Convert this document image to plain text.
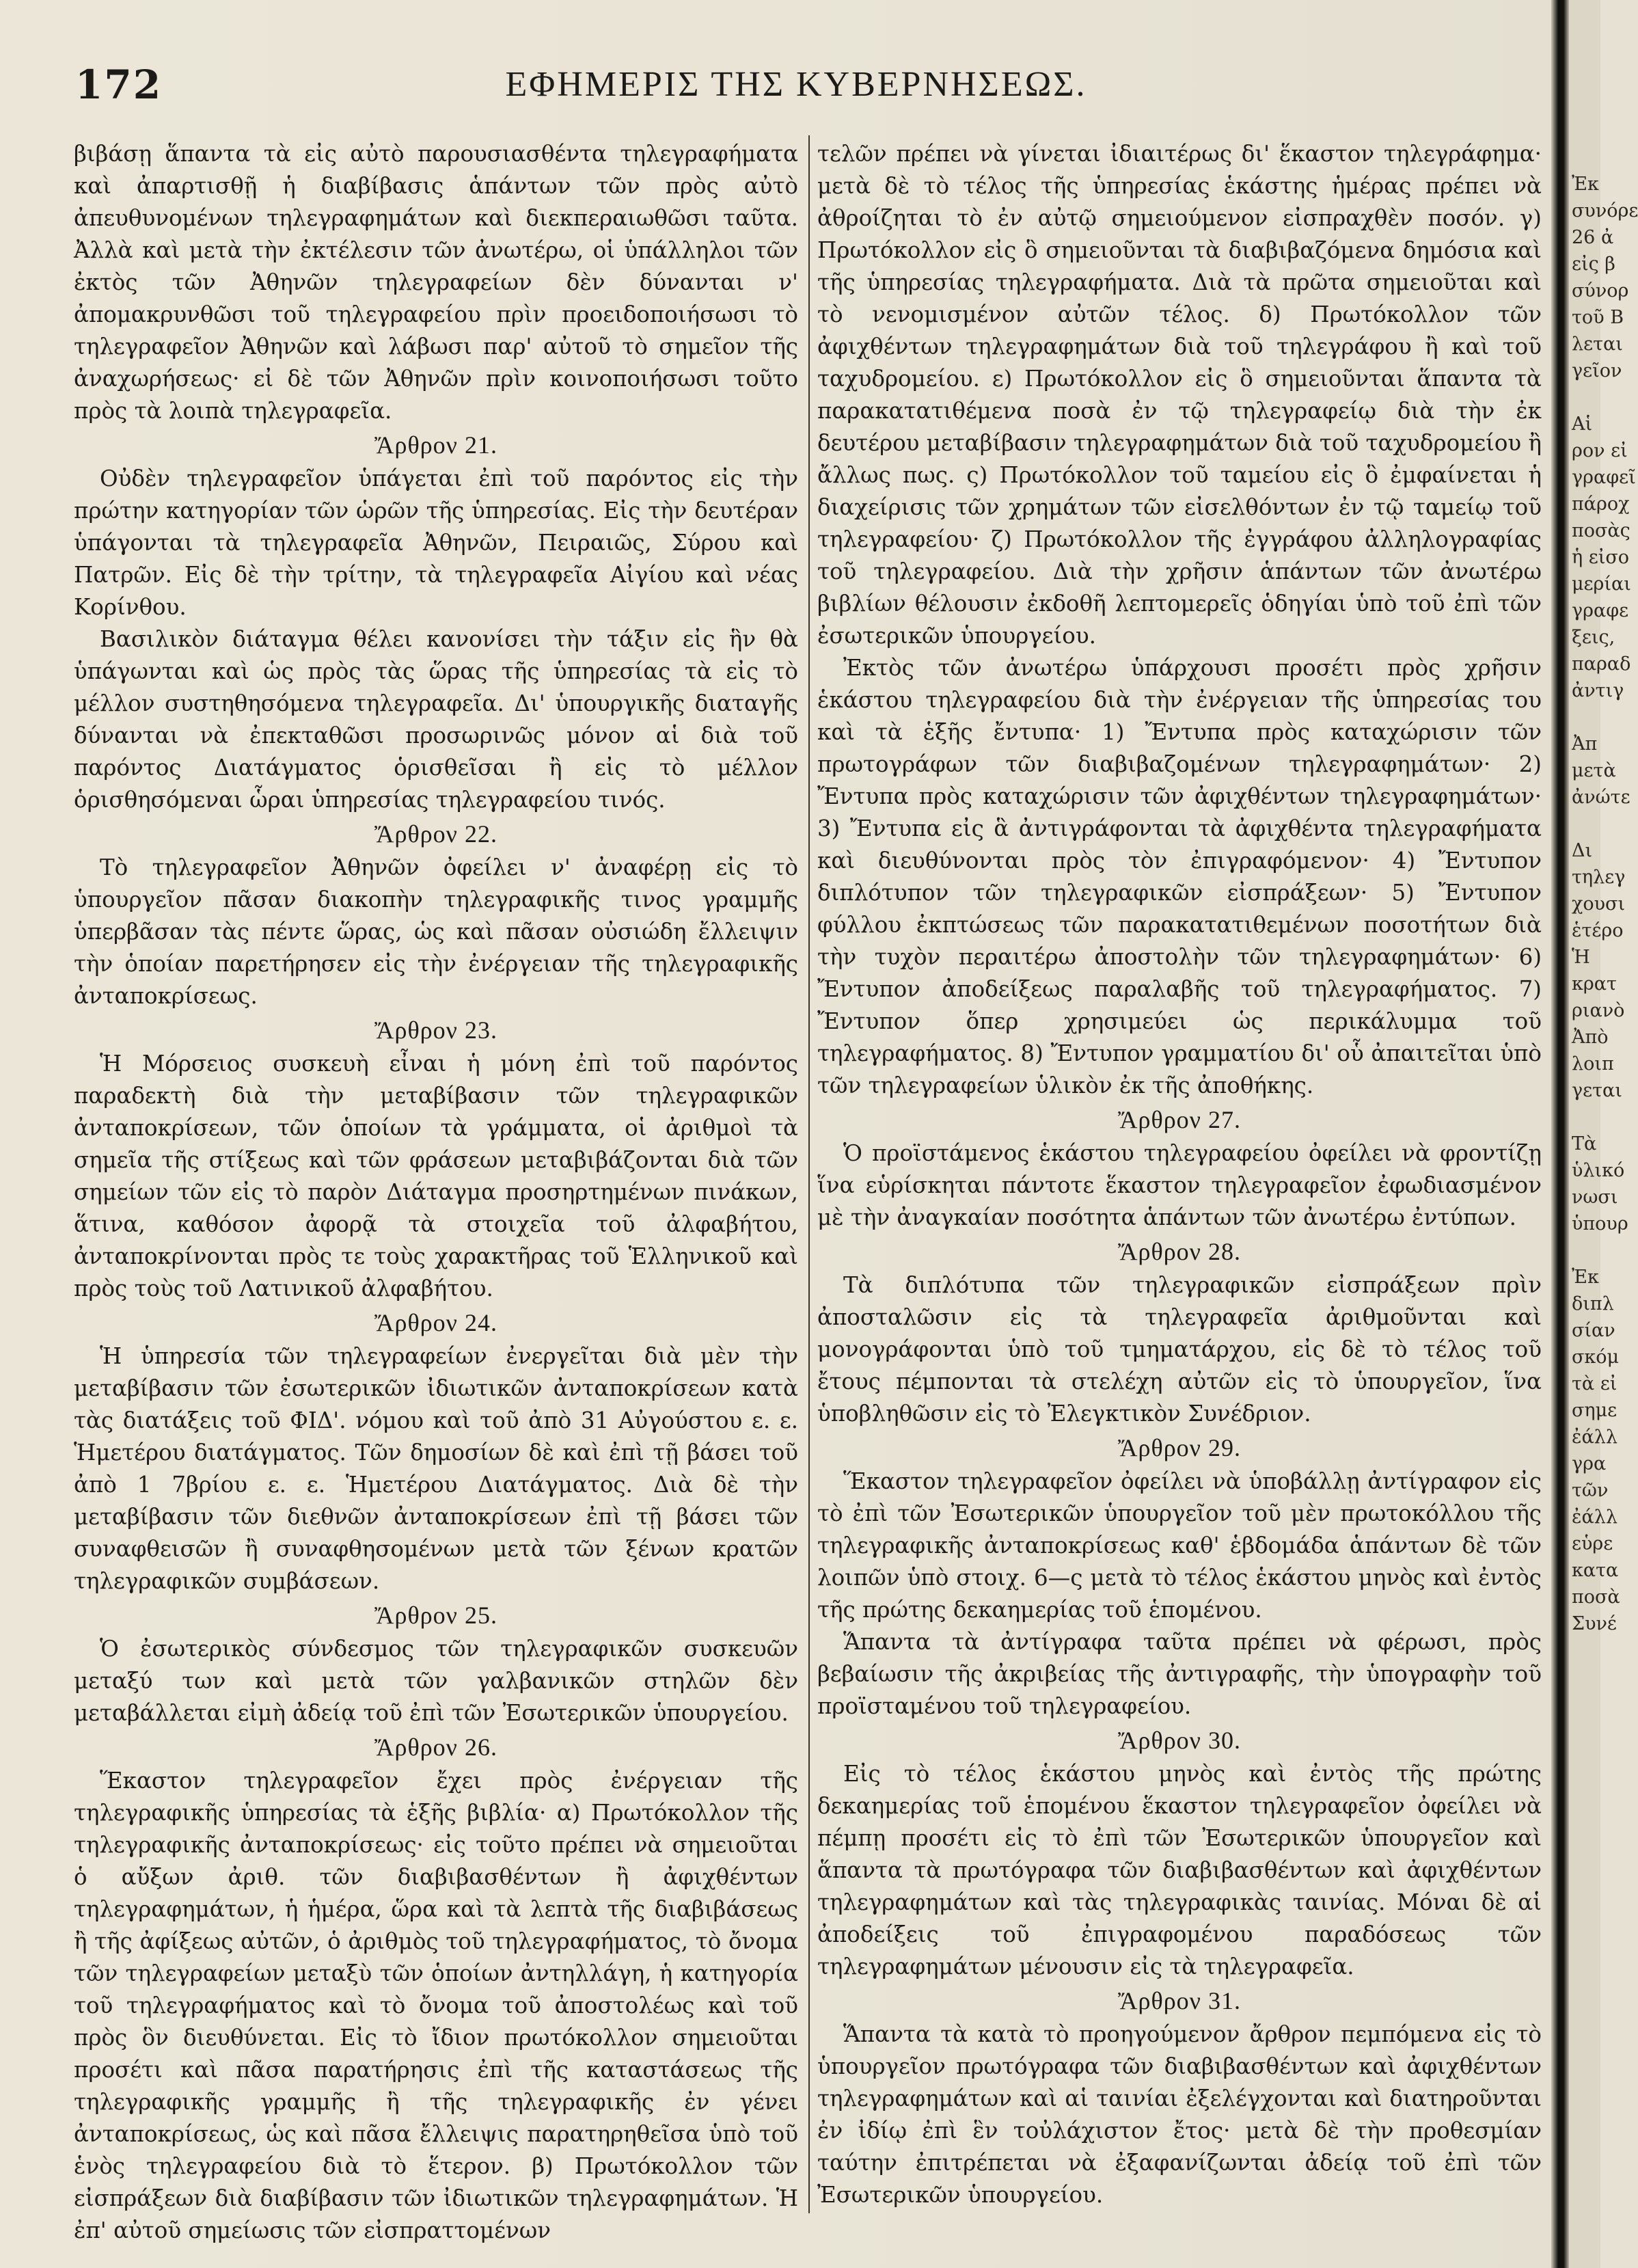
172	ΕΦΗΜΕΡΙΣ ΤΗΣ ΚΥΒΕΡΝΗΣΕΩΣ.

βιβάσῃ ἅπαντα τὰ εἰς αὐτὸ παρουσιασθέντα τηλεγραφήματα καὶ ἀπαρτισθῇ ἡ διαβίβασις ἁπάντων τῶν πρὸς αὐτὸ ἀπευθυνομένων τηλεγραφημάτων καὶ διεκπεραιωθῶσι ταῦτα. Ἀλλὰ καὶ μετὰ τὴν ἐκτέλεσιν τῶν ἀνωτέρω, οἱ ὑπάλληλοι τῶν ἐκτὸς τῶν Ἀθηνῶν τηλεγραφείων δὲν δύνανται ν' ἀπομακρυνθῶσι τοῦ τηλεγραφείου πρὶν προειδοποιήσωσι τὸ τηλεγραφεῖον Ἀθηνῶν καὶ λάβωσι παρ' αὐτοῦ τὸ σημεῖον τῆς ἀναχωρήσεως· εἰ δὲ τῶν Ἀθηνῶν πρὶν κοινοποιήσωσι τοῦτο πρὸς τὰ λοιπὰ τηλεγραφεῖα.

Ἄρθρον 21.

Οὐδὲν τηλεγραφεῖον ὑπάγεται ἐπὶ τοῦ παρόντος εἰς τὴν πρώτην κατηγορίαν τῶν ὡρῶν τῆς ὑπηρεσίας. Εἰς τὴν δευτέραν ὑπάγονται τὰ τηλεγραφεῖα Ἀθηνῶν, Πειραιῶς, Σύρου καὶ Πατρῶν. Εἰς δὲ τὴν τρίτην, τὰ τηλεγραφεῖα Αἰγίου καὶ νέας Κορίνθου.

Βασιλικὸν διάταγμα θέλει κανονίσει τὴν τάξιν εἰς ἣν θὰ ὑπάγωνται καὶ ὡς πρὸς τὰς ὥρας τῆς ὑπηρεσίας τὰ εἰς τὸ μέλλον συστηθησόμενα τηλεγραφεῖα. Δι' ὑπουργικῆς διαταγῆς δύνανται νὰ ἐπεκταθῶσι προσωρινῶς μόνον αἱ διὰ τοῦ παρόντος Διατάγματος ὁρισθεῖσαι ἢ εἰς τὸ μέλλον ὁρισθησόμεναι ὧραι ὑπηρεσίας τηλεγραφείου τινός.

Ἄρθρον 22.

Τὸ τηλεγραφεῖον Ἀθηνῶν ὀφείλει ν' ἀναφέρῃ εἰς τὸ ὑπουργεῖον πᾶσαν διακοπὴν τηλεγραφικῆς τινος γραμμῆς ὑπερβᾶσαν τὰς πέντε ὥρας, ὡς καὶ πᾶσαν οὐσιώδη ἔλλειψιν τὴν ὁποίαν παρετήρησεν εἰς τὴν ἐνέργειαν τῆς τηλεγραφικῆς ἀνταποκρίσεως.

Ἄρθρον 23.

Ἡ Μόρσειος συσκευὴ εἶναι ἡ μόνη ἐπὶ τοῦ παρόντος παραδεκτὴ διὰ τὴν μεταβίβασιν τῶν τηλεγραφικῶν ἀνταποκρίσεων, τῶν ὁποίων τὰ γράμματα, οἱ ἀριθμοὶ τὰ σημεῖα τῆς στίξεως καὶ τῶν φράσεων μεταβιβάζονται διὰ τῶν σημείων τῶν εἰς τὸ παρὸν Διάταγμα προσηρτημένων πινάκων, ἅτινα, καθόσον ἀφορᾷ τὰ στοιχεῖα τοῦ ἀλφαβήτου, ἀνταποκρίνονται πρὸς τε τοὺς χαρακτῆρας τοῦ Ἑλληνικοῦ καὶ πρὸς τοὺς τοῦ Λατινικοῦ ἀλφαβήτου.

Ἄρθρον 24.

Ἡ ὑπηρεσία τῶν τηλεγραφείων ἐνεργεῖται διὰ μὲν τὴν μεταβίβασιν τῶν ἐσωτερικῶν ἰδιωτικῶν ἀνταποκρίσεων κατὰ τὰς διατάξεις τοῦ ΦΙΔ'. νόμου καὶ τοῦ ἀπὸ 31 Αὐγούστου ε. ε. Ἡμετέρου διατάγματος. Τῶν δημοσίων δὲ καὶ ἐπὶ τῇ βάσει τοῦ ἀπὸ 1 7βρίου ε. ε. Ἡμετέρου Διατάγματος. Διὰ δὲ τὴν μεταβίβασιν τῶν διεθνῶν ἀνταποκρίσεων ἐπὶ τῇ βάσει τῶν συναφθεισῶν ἢ συναφθησομένων μετὰ τῶν ξένων κρατῶν τηλεγραφικῶν συμβάσεων.

Ἄρθρον 25.

Ὁ ἐσωτερικὸς σύνδεσμος τῶν τηλεγραφικῶν συσκευῶν μεταξύ των καὶ μετὰ τῶν γαλβανικῶν στηλῶν δὲν μεταβάλλεται εἰμὴ ἀδείᾳ τοῦ ἐπὶ τῶν Ἐσωτερικῶν ὑπουργείου.

Ἄρθρον 26.

Ἕκαστον τηλεγραφεῖον ἔχει πρὸς ἐνέργειαν τῆς τηλεγραφικῆς ὑπηρεσίας τὰ ἑξῆς βιβλία· α) Πρωτόκολλον τῆς τηλεγραφικῆς ἀνταποκρίσεως· εἰς τοῦτο πρέπει νὰ σημειοῦται ὁ αὔξων ἀριθ. τῶν διαβιβασθέντων ἢ ἀφιχθέντων τηλεγραφημάτων, ἡ ἡμέρα, ὥρα καὶ τὰ λεπτὰ τῆς διαβιβάσεως ἢ τῆς ἀφίξεως αὐτῶν, ὁ ἀριθμὸς τοῦ τηλεγραφήματος, τὸ ὄνομα τῶν τηλεγραφείων μεταξὺ τῶν ὁποίων ἀντηλλάγη, ἡ κατηγορία τοῦ τηλεγραφήματος καὶ τὸ ὄνομα τοῦ ἀποστολέως καὶ τοῦ πρὸς ὃν διευθύνεται. Εἰς τὸ ἴδιον πρωτόκολλον σημειοῦται προσέτι καὶ πᾶσα παρατήρησις ἐπὶ τῆς καταστάσεως τῆς τηλεγραφικῆς γραμμῆς ἢ τῆς τηλεγραφικῆς ἐν γένει ἀνταποκρίσεως, ὡς καὶ πᾶσα ἔλλειψις παρατηρηθεῖσα ὑπὸ τοῦ ἑνὸς τηλεγραφείου διὰ τὸ ἕτερον. β) Πρωτόκολλον τῶν εἰσπράξεων διὰ διαβίβασιν τῶν ἰδιωτικῶν τηλεγραφημάτων. Ἡ ἐπ' αὐτοῦ σημείωσις τῶν εἰσπραττομένων

τελῶν πρέπει νὰ γίνεται ἰδιαιτέρως δι' ἕκαστον τηλεγράφημα· μετὰ δὲ τὸ τέλος τῆς ὑπηρεσίας ἑκάστης ἡμέρας πρέπει νὰ ἀθροίζηται τὸ ἐν αὐτῷ σημειούμενον εἰσπραχθὲν ποσόν. γ) Πρωτόκολλον εἰς ὃ σημειοῦνται τὰ διαβιβαζόμενα δημόσια καὶ τῆς ὑπηρεσίας τηλεγραφήματα. Διὰ τὰ πρῶτα σημειοῦται καὶ τὸ νενομισμένον αὐτῶν τέλος. δ) Πρωτόκολλον τῶν ἀφιχθέντων τηλεγραφημάτων διὰ τοῦ τηλεγράφου ἢ καὶ τοῦ ταχυδρομείου. ε) Πρωτόκολλον εἰς ὃ σημειοῦνται ἅπαντα τὰ παρακατατιθέμενα ποσὰ ἐν τῷ τηλεγραφείῳ διὰ τὴν ἐκ δευτέρου μεταβίβασιν τηλεγραφημάτων διὰ τοῦ ταχυδρομείου ἢ ἄλλως πως. ς) Πρωτόκολλον τοῦ ταμείου εἰς ὃ ἐμφαίνεται ἡ διαχείρισις τῶν χρημάτων τῶν εἰσελθόντων ἐν τῷ ταμείῳ τοῦ τηλεγραφείου· ζ) Πρωτόκολλον τῆς ἐγγράφου ἀλληλογραφίας τοῦ τηλεγραφείου. Διὰ τὴν χρῆσιν ἁπάντων τῶν ἀνωτέρω βιβλίων θέλουσιν ἐκδοθῆ λεπτομερεῖς ὁδηγίαι ὑπὸ τοῦ ἐπὶ τῶν ἐσωτερικῶν ὑπουργείου.

Ἐκτὸς τῶν ἀνωτέρω ὑπάρχουσι προσέτι πρὸς χρῆσιν ἑκάστου τηλεγραφείου διὰ τὴν ἐνέργειαν τῆς ὑπηρεσίας του καὶ τὰ ἑξῆς ἔντυπα· 1) Ἔντυπα πρὸς καταχώρισιν τῶν πρωτογράφων τῶν διαβιβαζομένων τηλεγραφημάτων· 2) Ἔντυπα πρὸς καταχώρισιν τῶν ἀφιχθέντων τηλεγραφημάτων· 3) Ἔντυπα εἰς ἃ ἀντιγράφονται τὰ ἀφιχθέντα τηλεγραφήματα καὶ διευθύνονται πρὸς τὸν ἐπιγραφόμενον· 4) Ἔντυπον διπλότυπον τῶν τηλεγραφικῶν εἰσπράξεων· 5) Ἔντυπον φύλλου ἐκπτώσεως τῶν παρακατατιθεμένων ποσοτήτων διὰ τὴν τυχὸν περαιτέρω ἀποστολὴν τῶν τηλεγραφημάτων· 6) Ἔντυπον ἀποδείξεως παραλαβῆς τοῦ τηλεγραφήματος. 7) Ἔντυπον ὅπερ χρησιμεύει ὡς περικάλυμμα τοῦ τηλεγραφήματος. 8) Ἔντυπον γραμματίου δι' οὗ ἀπαιτεῖται ὑπὸ τῶν τηλεγραφείων ὑλικὸν ἐκ τῆς ἀποθήκης.

Ἄρθρον 27.

Ὁ προϊστάμενος ἑκάστου τηλεγραφείου ὀφείλει νὰ φροντίζῃ ἵνα εὑρίσκηται πάντοτε ἕκαστον τηλεγραφεῖον ἐφωδιασμένον μὲ τὴν ἀναγκαίαν ποσότητα ἁπάντων τῶν ἀνωτέρω ἐντύπων.

Ἄρθρον 28.

Τὰ διπλότυπα τῶν τηλεγραφικῶν εἰσπράξεων πρὶν ἀποσταλῶσιν εἰς τὰ τηλεγραφεῖα ἀριθμοῦνται καὶ μονογράφονται ὑπὸ τοῦ τμηματάρχου, εἰς δὲ τὸ τέλος τοῦ ἔτους πέμπονται τὰ στελέχη αὐτῶν εἰς τὸ ὑπουργεῖον, ἵνα ὑποβληθῶσιν εἰς τὸ Ἐλεγκτικὸν Συνέδριον.

Ἄρθρον 29.

Ἕκαστον τηλεγραφεῖον ὀφείλει νὰ ὑποβάλλῃ ἀντίγραφον εἰς τὸ ἐπὶ τῶν Ἐσωτερικῶν ὑπουργεῖον τοῦ μὲν πρωτοκόλλου τῆς τηλεγραφικῆς ἀνταποκρίσεως καθ' ἑβδομάδα ἁπάντων δὲ τῶν λοιπῶν ὑπὸ στοιχ. 6—ς μετὰ τὸ τέλος ἑκάστου μηνὸς καὶ ἐντὸς τῆς πρώτης δεκαημερίας τοῦ ἑπομένου.

Ἅπαντα τὰ ἀντίγραφα ταῦτα πρέπει νὰ φέρωσι, πρὸς βεβαίωσιν τῆς ἀκριβείας τῆς ἀντιγραφῆς, τὴν ὑπογραφὴν τοῦ προϊσταμένου τοῦ τηλεγραφείου.

Ἄρθρον 30.

Εἰς τὸ τέλος ἑκάστου μηνὸς καὶ ἐντὸς τῆς πρώτης δεκαημερίας τοῦ ἑπομένου ἕκαστον τηλεγραφεῖον ὀφείλει νὰ πέμπῃ προσέτι εἰς τὸ ἐπὶ τῶν Ἐσωτερικῶν ὑπουργεῖον καὶ ἅπαντα τὰ πρωτόγραφα τῶν διαβιβασθέντων καὶ ἀφιχθέντων τηλεγραφημάτων καὶ τὰς τηλεγραφικὰς ταινίας. Μόναι δὲ αἱ ἀποδείξεις τοῦ ἐπιγραφομένου παραδόσεως τῶν τηλεγραφημάτων μένουσιν εἰς τὰ τηλεγραφεῖα.

Ἄρθρον 31.

Ἅπαντα τὰ κατὰ τὸ προηγούμενον ἄρθρον πεμπόμενα εἰς τὸ ὑπουργεῖον πρωτόγραφα τῶν διαβιβασθέντων καὶ ἀφιχθέντων τηλεγραφημάτων καὶ αἱ ταινίαι ἐξελέγχονται καὶ διατηροῦνται ἐν ἰδίῳ ἐπὶ ἓν τοὐλάχιστον ἔτος· μετὰ δὲ τὴν προθεσμίαν ταύτην ἐπιτρέπεται νὰ ἐξαφανίζωνται ἀδείᾳ τοῦ ἐπὶ τῶν Ἐσωτερικῶν ὑπουργείου.

Ἐκ
συνόρε
26 ἀ
εἰς β
σύνορ
τοῦ Β
λεται
γεῖον
Αἱ
ρον εἰ
γραφεῖ
πάροχ
ποσὰς
ἡ εἰσο
μερίαι
γραφε
ξεις,
παραδ
ἀντιγ
Ἀπ
μετὰ
ἀνώτε
Δι
τηλεγ
χουσι
ἑτέρο
Ἡ
κρατ
ριανὸ
Ἀπὸ
λοιπ
γεται
Τὰ
ὑλικό
νωσι
ὑπουρ
Ἐκ
διπλ
σίαν
σκόμ
τὰ εἰ
σημε
ἐάλλ
γρα
τῶν
ἐάλλ
εὑρε
κατα
ποσὰ
Συνέ
